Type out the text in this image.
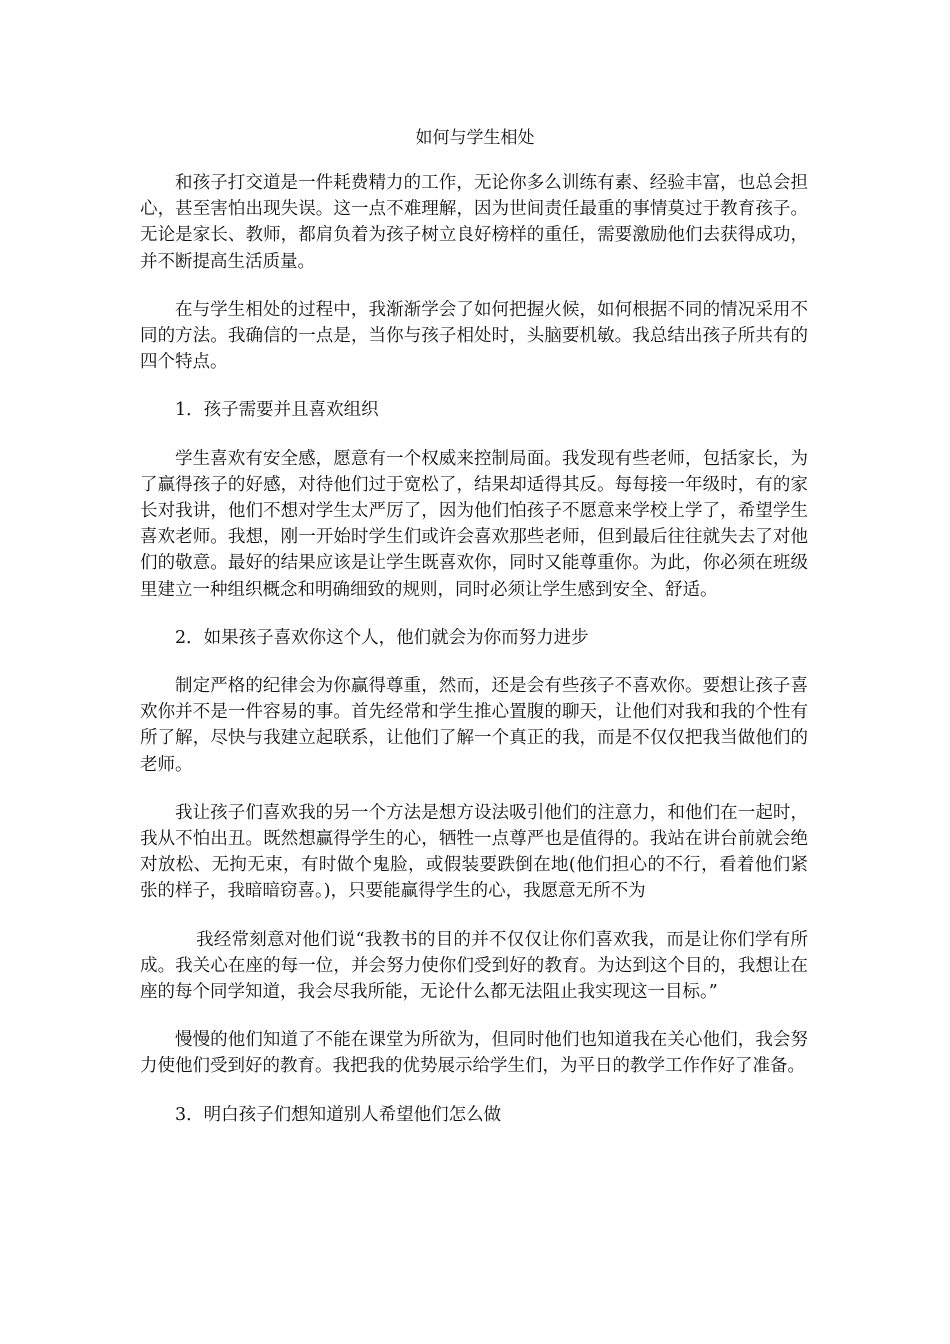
如何与学生相处

和孩子打交道是一件耗费精力的工作，无论你多么训练有素、经验丰富，也总会担心，甚至害怕出现失误。这一点不难理解，因为世间责任最重的事情莫过于教育孩子。无论是家长、教师，都肩负着为孩子树立良好榜样的重任，需要激励他们去获得成功，并不断提高生活质量。

在与学生相处的过程中，我渐渐学会了如何把握火候，如何根据不同的情况采用不同的方法。我确信的一点是，当你与孩子相处时，头脑要机敏。我总结出孩子所共有的四个特点。

1．孩子需要并且喜欢组织

学生喜欢有安全感，愿意有一个权威来控制局面。我发现有些老师，包括家长，为了赢得孩子的好感，对待他们过于宽松了，结果却适得其反。每每接一年级时，有的家长对我讲，他们不想对学生太严厉了，因为他们怕孩子不愿意来学校上学了，希望学生喜欢老师。我想，刚一开始时学生们或许会喜欢那些老师，但到最后往往就失去了对他们的敬意。最好的结果应该是让学生既喜欢你，同时又能尊重你。为此，你必须在班级里建立一种组织概念和明确细致的规则，同时必须让学生感到安全、舒适。

2．如果孩子喜欢你这个人，他们就会为你而努力进步

制定严格的纪律会为你赢得尊重，然而，还是会有些孩子不喜欢你。要想让孩子喜欢你并不是一件容易的事。首先经常和学生推心置腹的聊天，让他们对我和我的个性有所了解，尽快与我建立起联系，让他们了解一个真正的我，而是不仅仅把我当做他们的老师。

我让孩子们喜欢我的另一个方法是想方设法吸引他们的注意力，和他们在一起时，我从不怕出丑。既然想赢得学生的心，牺牲一点尊严也是值得的。我站在讲台前就会绝对放松、无拘无束，有时做个鬼脸，或假装要跌倒在地(他们担心的不行，看着他们紧张的样子，我暗暗窃喜。)，只要能赢得学生的心，我愿意无所不为

我经常刻意对他们说“我教书的目的并不仅仅让你们喜欢我，而是让你们学有所成。我关心在座的每一位，并会努力使你们受到好的教育。为达到这个目的，我想让在座的每个同学知道，我会尽我所能，无论什么都无法阻止我实现这一目标。”

慢慢的他们知道了不能在课堂为所欲为，但同时他们也知道我在关心他们，我会努力使他们受到好的教育。我把我的优势展示给学生们，为平日的教学工作作好了准备。

3．明白孩子们想知道别人希望他们怎么做
